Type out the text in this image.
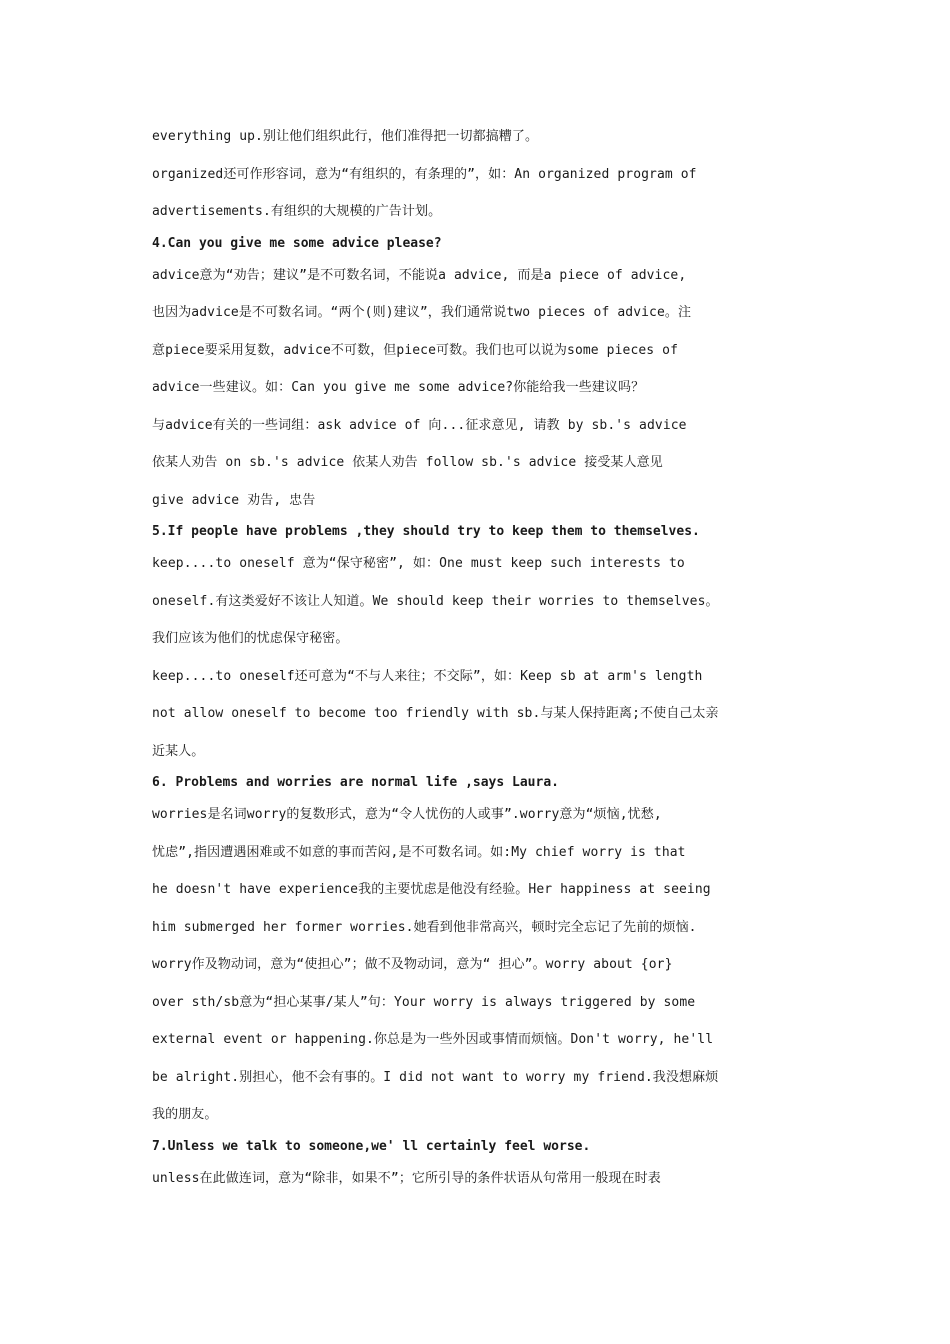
everything up.别让他们组织此行，他们准得把一切都搞糟了。

organized还可作形容词，意为“有组织的，有条理的”，如：An organized program of
advertisements.有组织的大规模的广告计划。

4.Can you give me some advice please?

advice意为“劝告；建议”是不可数名词，不能说a advice, 而是a piece of advice,
也因为advice是不可数名词。“两个(则)建议”，我们通常说two pieces of advice。注
意piece要采用复数，advice不可数，但piece可数。我们也可以说为some pieces of
advice一些建议。如：Can you give me some advice?你能给我一些建议吗？

与advice有关的一些词组：ask advice of 向...征求意见, 请教 by sb.'s advice
依某人劝告 on sb.'s advice 依某人劝告 follow sb.'s advice 接受某人意见
give advice 劝告, 忠告

5.If people have problems ,they should try to keep them to themselves.

keep....to oneself 意为“保守秘密”, 如：One must keep such interests to
oneself.有这类爱好不该让人知道。We should keep their worries to themselves。
我们应该为他们的忧虑保守秘密。

keep....to oneself还可意为“不与人来往；不交际”，如：Keep sb at arm's length
not allow oneself to become too friendly with sb.与某人保持距离;不使自己太亲
近某人。

6. Problems and worries are normal life ,says Laura.

worries是名词worry的复数形式，意为“令人忧伤的人或事”.worry意为“烦恼,忧愁,
忧虑”,指因遭遇困难或不如意的事而苦闷,是不可数名词。如:My chief worry is that
he doesn't have experience我的主要忧虑是他没有经验。Her happiness at seeing
him submerged her former worries.她看到他非常高兴，顿时完全忘记了先前的烦恼.

worry作及物动词，意为“使担心”；做不及物动词，意为“ 担心”。worry about {or}
over sth/sb意为“担心某事/某人”句：Your worry is always triggered by some
external event or happening.你总是为一些外因或事情而烦恼。Don't worry, he'll
be alright.别担心，他不会有事的。I did not want to worry my friend.我没想麻烦
我的朋友。

7.Unless we talk to someone,we' ll certainly feel worse.

unless在此做连词，意为“除非，如果不”；它所引导的条件状语从句常用一般现在时表
